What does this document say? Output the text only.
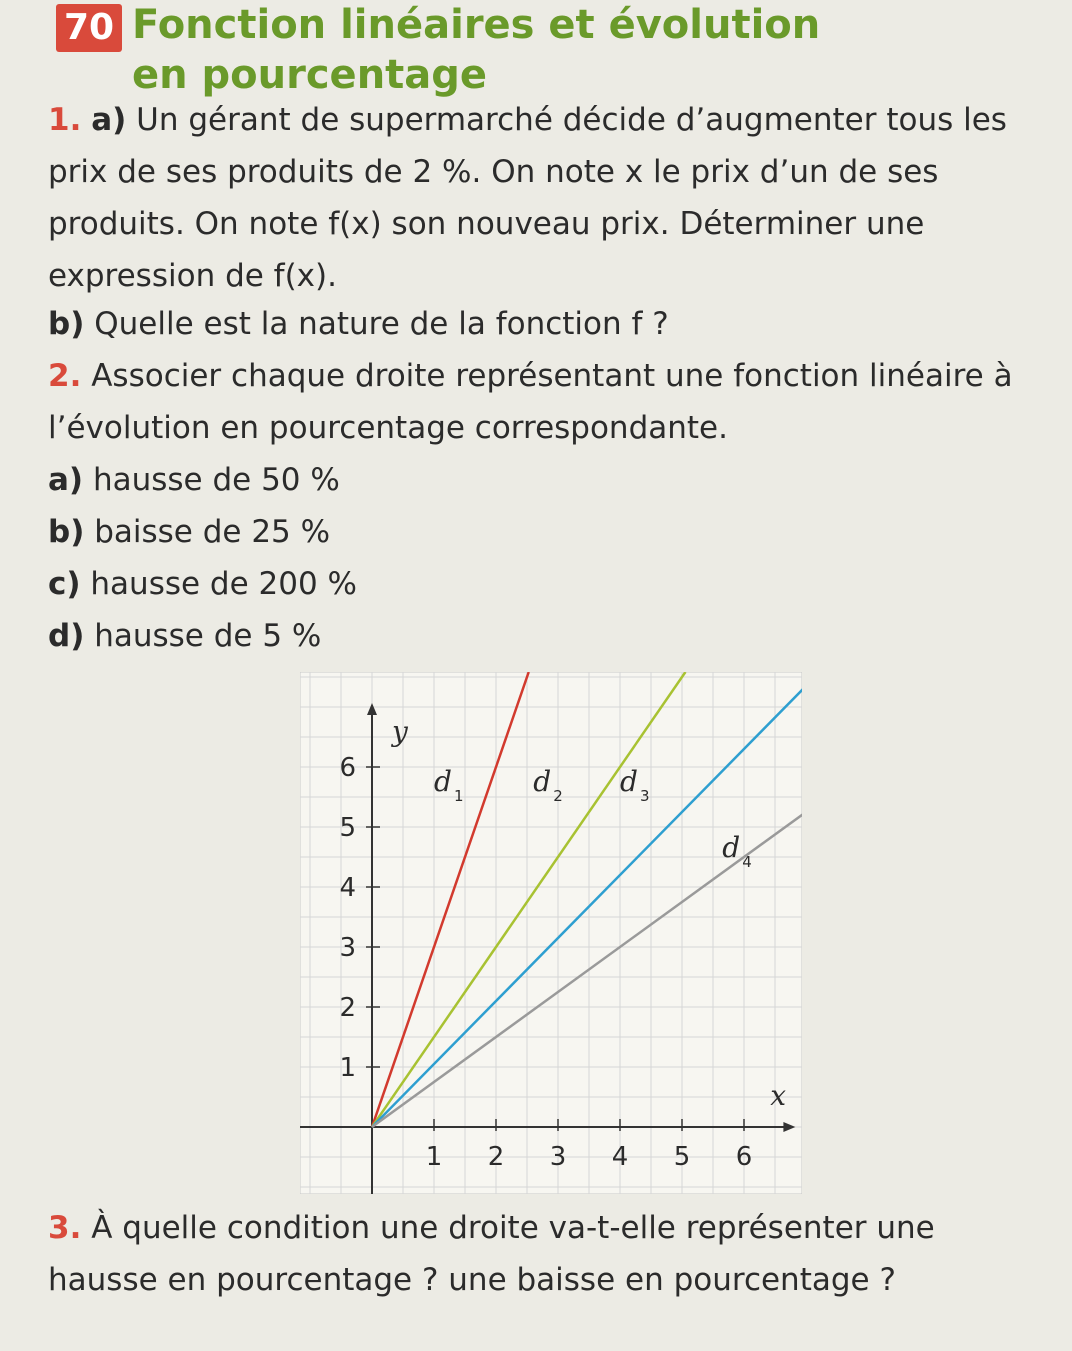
70 Fonction linéaires et évolution
en pourcentage
1. a) Un gérant de supermarché décide d’augmenter tous les prix de ses produits de 2 %. On note x le prix d’un de ses produits. On note f(x) son nouveau prix. Déterminer une expression de f(x).
b) Quelle est la nature de la fonction f ?
2. Associer chaque droite représentant une fonction linéaire à l’évolution en pourcentage correspondante.
a) hausse de 50 %
b) baisse de 25 %
c) hausse de 200 %
d) hausse de 5 %
1 2 3 4 5 6
1
2
3
4
5
6
x
y
d 1 d 2 d 3
d 4
3. À quelle condition une droite va-t-elle représenter une hausse en pourcentage ? une baisse en pourcentage ?
